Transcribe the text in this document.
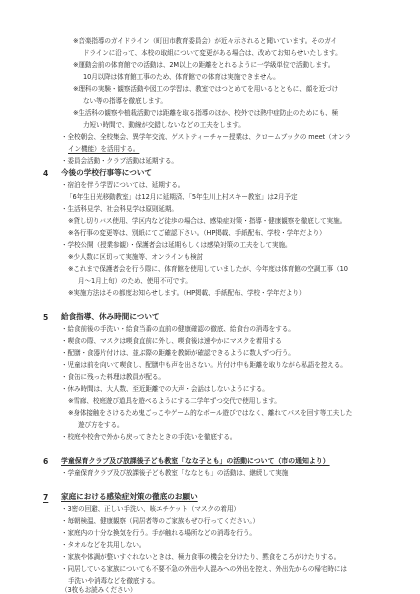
※音楽指導のガイドライン（町田市教育委員会）が近々示されると聞いています。そのガイ
ドラインに沿って、本校の取組について変更がある場合は、改めてお知らせいたします。
※運動会前の体育館での活動は、2M以上の距離をとれるように一学級単位で活動します。
10月以降は体育館工事のため、体育館での体育は実施できません。
※理科の実験・観察活動や図工の学習は、教室ではつとめてを用いるとともに、顔を近づけ
ない等の指導を徹底します。
※生活科の観察や植栽活動では距離を取る指導のほか、校外では熱中症防止のためにも、極
力短い時間で、動線が交錯しないなどの工夫をします。
・全校朝会、全校集会、異学年交流、ゲストティーチャー授業は、クロームブックの meet（オンラ
イン機能）を活用する。
・委員会活動・クラブ活動は延期する。
4 今後の学校行事等について
・宿泊を伴う学習については、延期する。
「6年生日光移動教室」は12月に延期済、「5年生川上村スキー教室」は2月予定
・生活科見学、社会科見学は原則延期。
※貸し切りバス使用、学区内など徒歩の場合は、感染症対策・指導・健康観察を徹底して実施。
※各行事の変更等は、別紙にてご確認下さい。（HP掲載、手紙配布、学校・学年だより）
・学校公開（授業参観）・保護者会は延期もしくは感染対策の工夫をして実施。
※少人数に区切って実施等、オンラインも検討
※これまで保護者会を行う際に、体育館を使用していましたが、今年度は体育館の空調工事（10
月〜1月上旬）のため、使用不可です。
※実施方法はその都度お知らせします。（HP掲載、手紙配布、学校・学年だより）
5 給食指導、休み時間について
・給食前後の手洗い・給食当番の直前の健康確認の徹底、給食台の消毒をする。
・喫食の際、マスクは喫食直前に外し、喫食後は速やかにマスクを着用する
・配膳・食器片付けは、並ぶ際の距離を教師が確認できるように数人ずつ行う。
・児童は前を向いて喫食し、配膳中も声を出さない。片付け中も距離を取りながら私語を控える。
・食缶に残った料理は教員が配る。
・休み時間は、大人数、至近距離での大声・会話はしないようにする。
※雪廊、校庭遊び道具を遊べるようにする二学年ずつ交代で使用します。
※身体接触をさけるため鬼ごっこやゲーム的なボール遊びではなく、離れてパスを回す等工夫した
遊び方をする。
・校庭や校舎で外から戻ってきたときの手洗いを徹底する。
6 学童保育クラブ及び放課後子ども教室「なな子とも」の活動について（市の通知より）
・学童保育クラブ及び放課後子ども教室「ななとも」の活動は、継続して実施
7 家庭における感染症対策の徹底のお願い
・3密の回避、正しい手洗い、咳エチケット（マスクの着用）
・毎朝検温、健康観察（同居者等のご家族もぜひ行ってください。）
・家庭内の十分な換気を行う。手が触れる場所などの消毒を行う。
・タオルなどを共用しない。
・家族や体調が整いすぐれないときは、極力食事の機会を分けたり、黙食をころがけたりする。
・同居している家族についても不要不急の外出や人混みへの外出を控え、外出先からの帰宅時には
手洗いや消毒などを徹底する。
（3枚もお読みください）
